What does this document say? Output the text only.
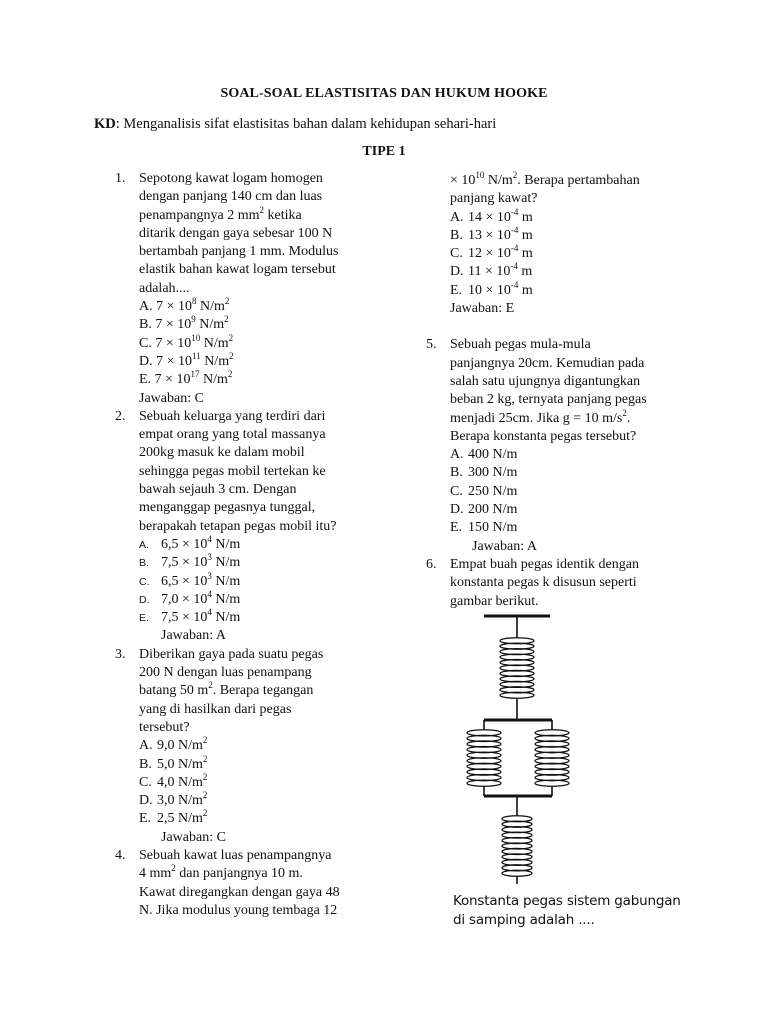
SOAL-SOAL ELASTISITAS DAN HUKUM HOOKE
KD: Menganalisis sifat elastisitas bahan dalam kehidupan sehari-hari
TIPE 1
1. Sepotong kawat logam homogen
dengan panjang 140 cm dan luas
penampangnya 2 $mm^2$ ketika
ditarik dengan gaya sebesar 100 N
bertambah panjang 1 mm. Modulus
elastik bahan kawat logam tersebut
adalah....
A. $7 \times 10^8$ $N/m^2$
B. $7 \times 10^9$ $N/m^2$
C. $7 \times 10^{10}$ $N/m^2$
D. $7 \times 10^{11}$ $N/m^2$
E. $7 \times 10^{17}$ $N/m^2$
Jawaban: C
2. Sebuah keluarga yang terdiri dari
empat orang yang total massanya
200kg masuk ke dalam mobil
sehingga pegas mobil tertekan ke
bawah sejauh 3 cm. Dengan
menganggap pegasnya tunggal,
berapakah tetapan pegas mobil itu?
A. $6,5 \times 10^4$ N/m
B. $7,5 \times 10^3$ N/m
C. $6,5 \times 10^3$ N/m
D. $7,0 \times 10^4$ N/m
E. $7,5 \times 10^4$ N/m
Jawaban: A
3. Diberikan gaya pada suatu pegas
200 N dengan luas penampang
batang 50 $m^2$. Berapa tegangan
yang di hasilkan dari pegas
tersebut?
A. 9,0 $N/m^2$
B. 5,0 $N/m^2$
C. 4,0 $N/m^2$
D. 3,0 $N/m^2$
E. 2,5 $N/m^2$
Jawaban: C
4. Sebuah kawat luas penampangnya
4 $mm^2$ dan panjangnya 10 m.
Kawat diregangkan dengan gaya 48
N. Jika modulus young tembaga 12
× $10^{10}$ $N/m^2$. Berapa pertambahan
panjang kawat?
A. $14 \times 10^{-4}$ m
B. $13 \times 10^{-4}$ m
C. $12 \times 10^{-4}$ m
D. $11 \times 10^{-4}$ m
E. $10 \times 10^{-4}$ m
Jawaban: E
5. Sebuah pegas mula-mula
panjangnya 20cm. Kemudian pada
salah satu ujungnya digantungkan
beban 2 kg, ternyata panjang pegas
menjadi 25cm. Jika g = 10 $m/s^2$.
Berapa konstanta pegas tersebut?
A. 400 N/m
B. 300 N/m
C. 250 N/m
D. 200 N/m
E. 150 N/m
Jawaban: A
6. Empat buah pegas identik dengan
konstanta pegas k disusun seperti
gambar berikut.
Konstanta pegas sistem gabungan
di samping adalah ....
